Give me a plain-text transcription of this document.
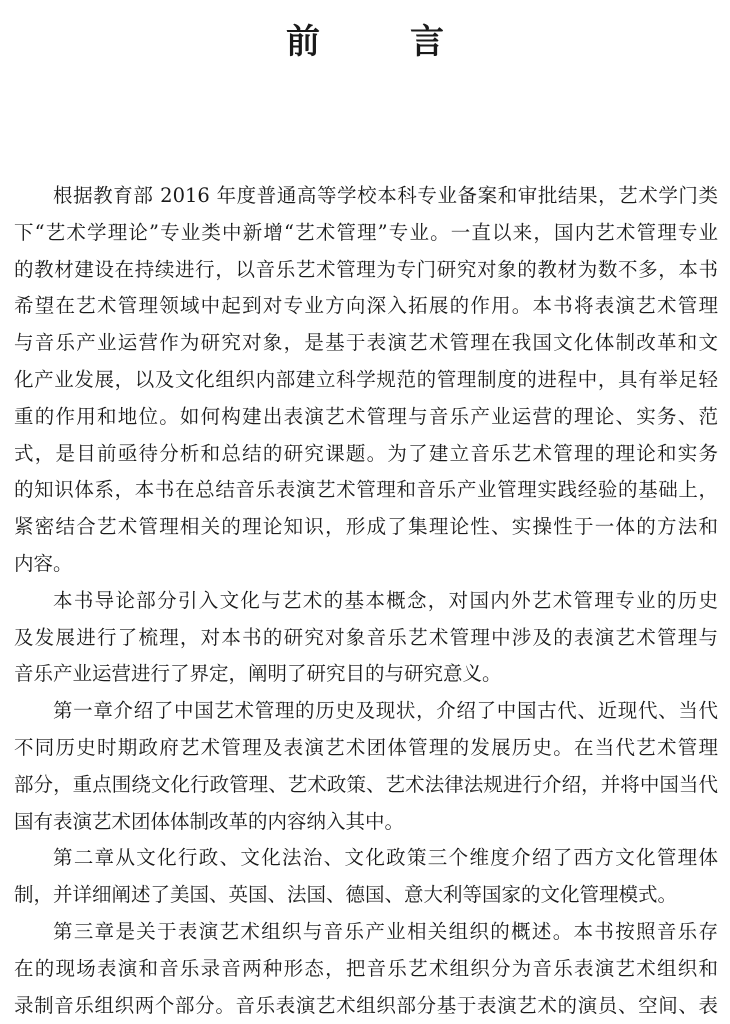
前　言
根据教育部 2016 年度普通高等学校本科专业备案和审批结果，艺术学门类
下“艺术学理论”专业类中新增“艺术管理”专业。一直以来，国内艺术管理专业
的教材建设在持续进行，以音乐艺术管理为专门研究对象的教材为数不多，本书
希望在艺术管理领域中起到对专业方向深入拓展的作用。本书将表演艺术管理
与音乐产业运营作为研究对象，是基于表演艺术管理在我国文化体制改革和文
化产业发展，以及文化组织内部建立科学规范的管理制度的进程中，具有举足轻
重的作用和地位。如何构建出表演艺术管理与音乐产业运营的理论、实务、范
式，是目前亟待分析和总结的研究课题。为了建立音乐艺术管理的理论和实务
的知识体系，本书在总结音乐表演艺术管理和音乐产业管理实践经验的基础上，
紧密结合艺术管理相关的理论知识，形成了集理论性、实操性于一体的方法和
内容。
本书导论部分引入文化与艺术的基本概念，对国内外艺术管理专业的历史
及发展进行了梳理，对本书的研究对象音乐艺术管理中涉及的表演艺术管理与
音乐产业运营进行了界定，阐明了研究目的与研究意义。
第一章介绍了中国艺术管理的历史及现状，介绍了中国古代、近现代、当代
不同历史时期政府艺术管理及表演艺术团体管理的发展历史。在当代艺术管理
部分，重点围绕文化行政管理、艺术政策、艺术法律法规进行介绍，并将中国当代
国有表演艺术团体体制改革的内容纳入其中。
第二章从文化行政、文化法治、文化政策三个维度介绍了西方文化管理体
制，并详细阐述了美国、英国、法国、德国、意大利等国家的文化管理模式。
第三章是关于表演艺术组织与音乐产业相关组织的概述。本书按照音乐存
在的现场表演和音乐录音两种形态，把音乐艺术组织分为音乐表演艺术组织和
录制音乐组织两个部分。音乐表演艺术组织部分基于表演艺术的演员、空间、表
